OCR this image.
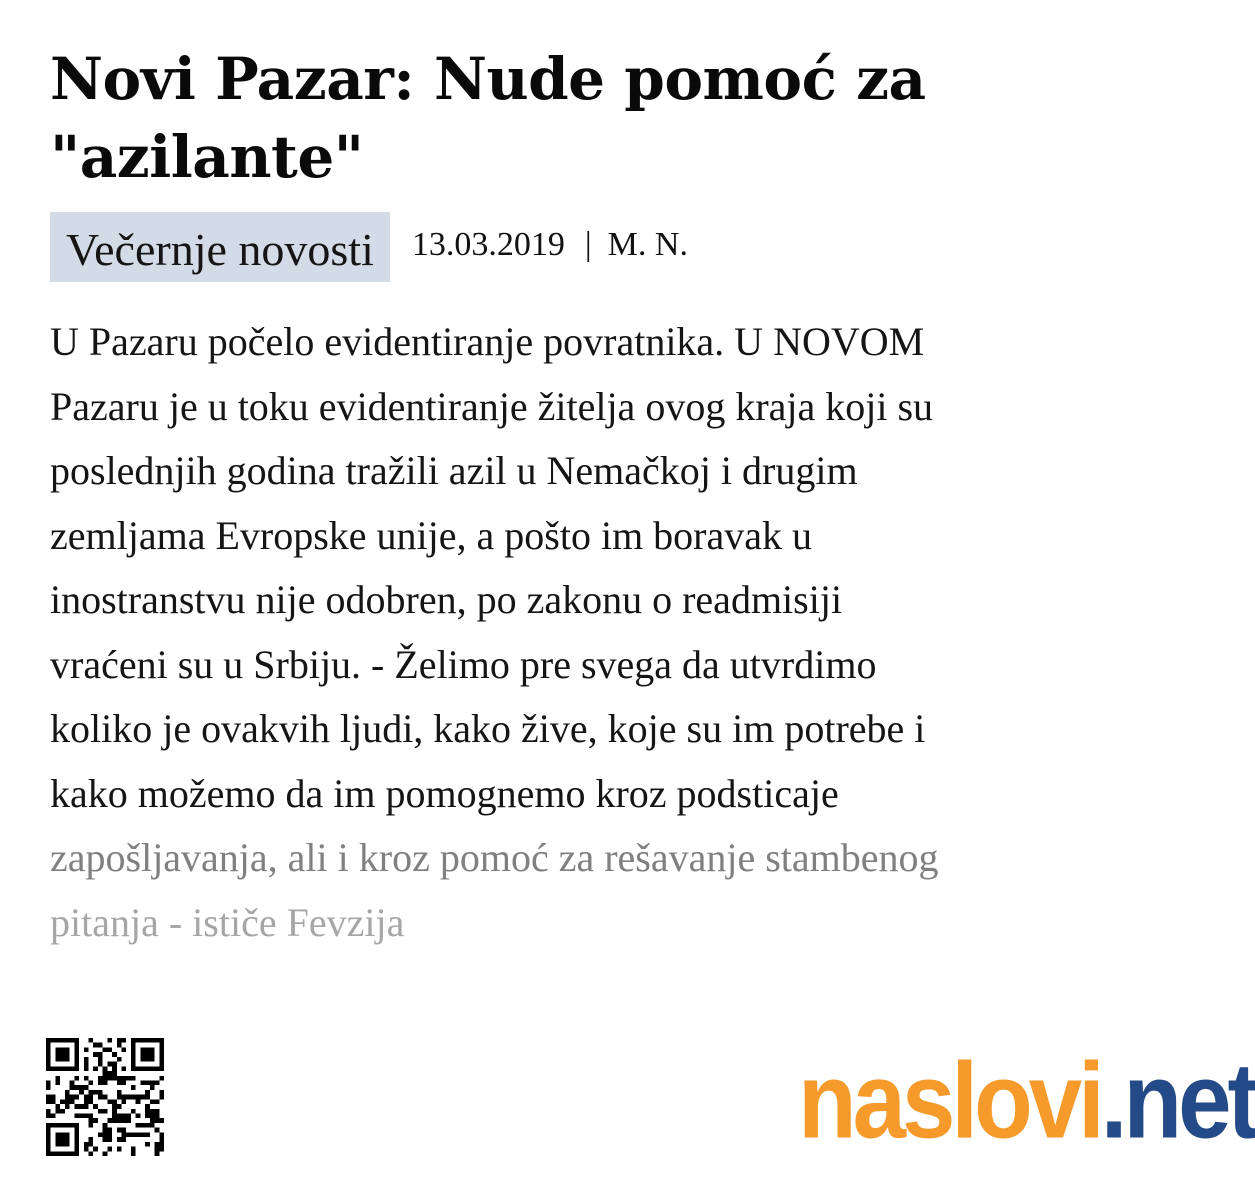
Novi Pazar: Nude pomoć za "azilante"
Večernje novosti	13.03.2019 | M. N.
U Pazaru počelo evidentiranje povratnika. U NOVOM
Pazaru je u toku evidentiranje žitelja ovog kraja koji su
poslednjih godina tražili azil u Nemačkoj i drugim
zemljama Evropske unije, a pošto im boravak u
inostranstvu nije odobren, po zakonu o readmisiji
vraćeni su u Srbiju. - Želimo pre svega da utvrdimo
koliko je ovakvih ljudi, kako žive, koje su im potrebe i
kako možemo da im pomognemo kroz podsticaje
zapošljavanja, ali i kroz pomoć za rešavanje stambenog
pitanja - ističe Fevzija
naslovi.net
